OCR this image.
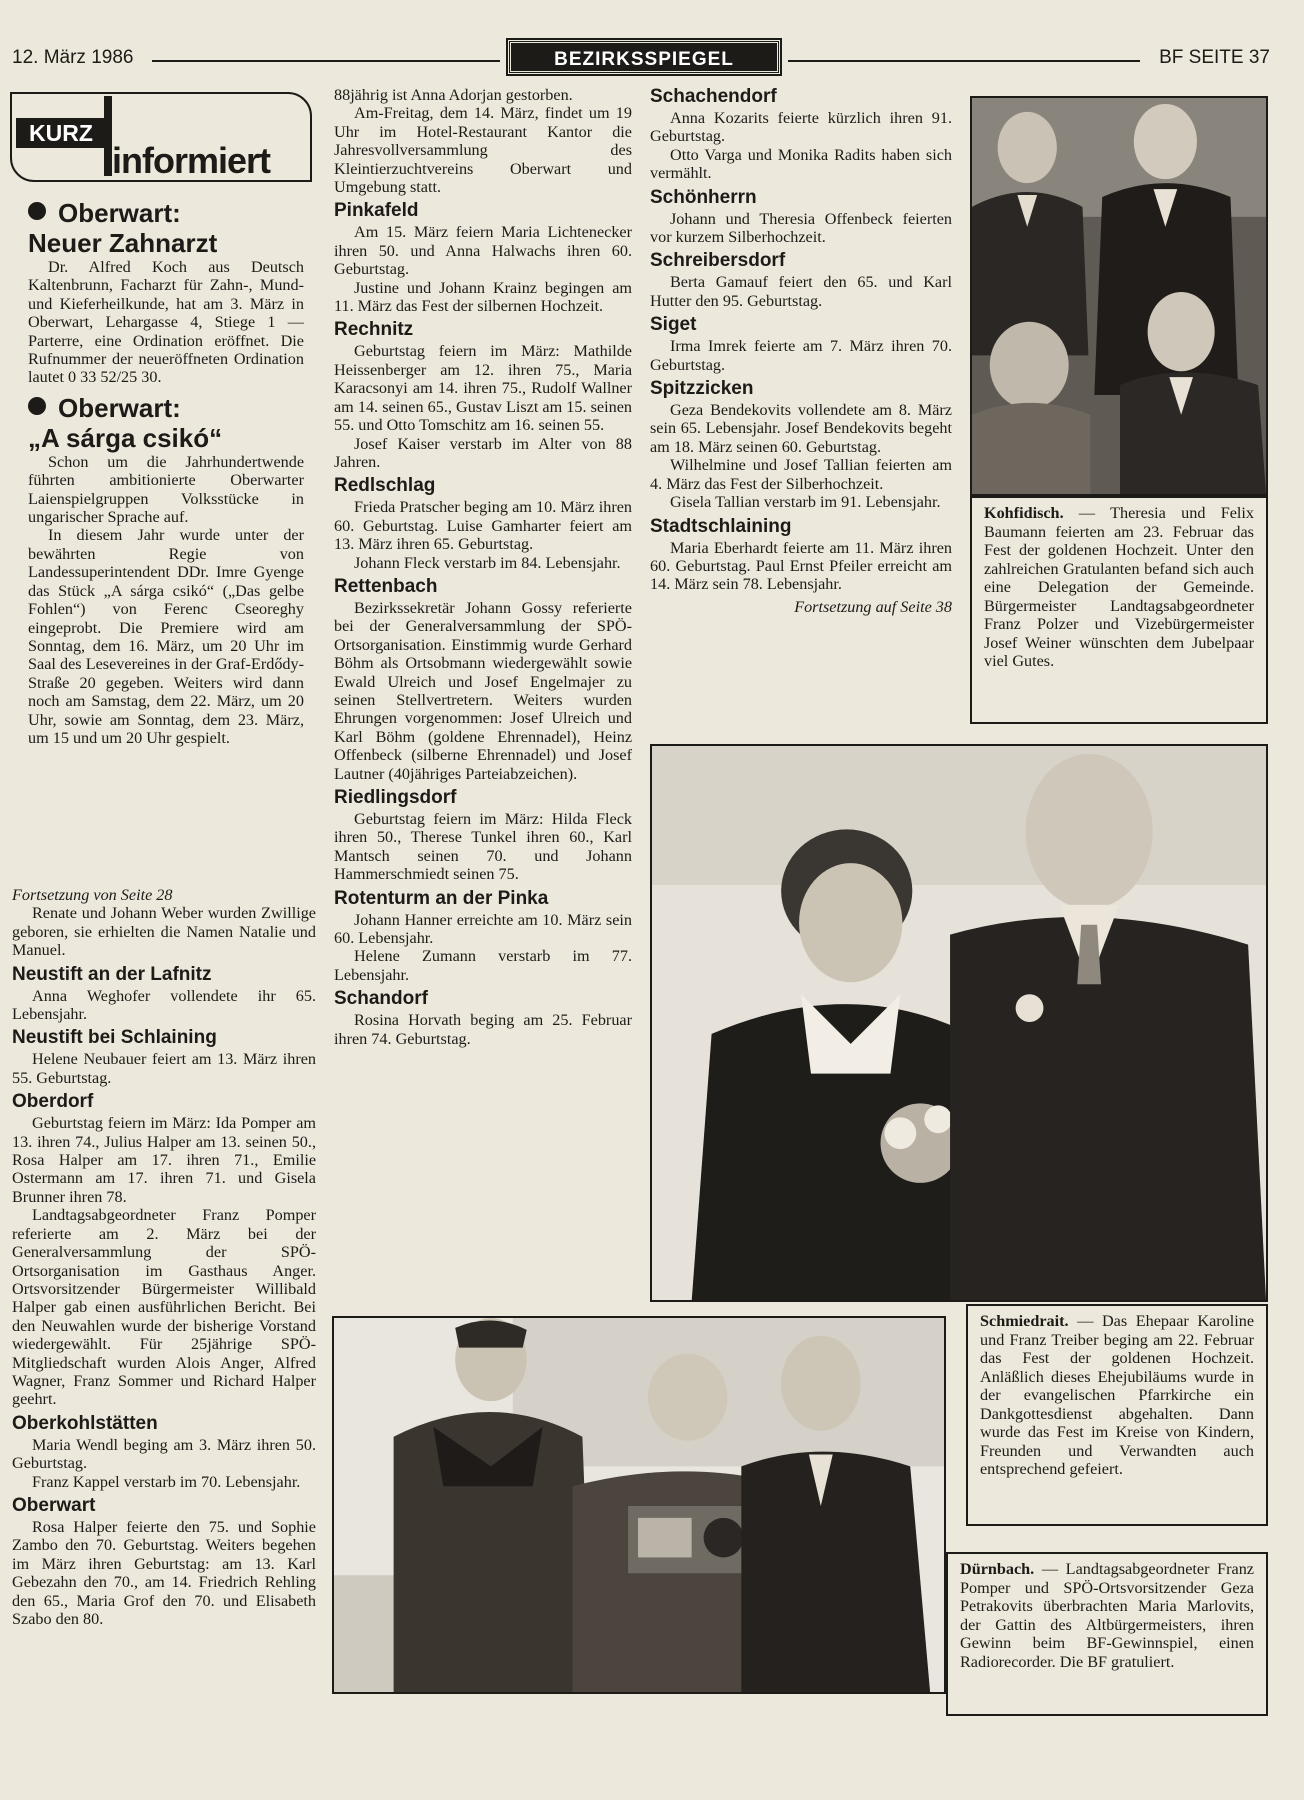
12. März 1986	BEZIRKSSPIEGEL	BF SEITE 37
KURZ
informiert
Oberwart:
Neuer Zahnarzt

Dr. Alfred Koch aus Deutsch Kaltenbrunn, Facharzt für Zahn-, Mund- und Kieferheilkunde, hat am 3. März in Oberwart, Lehargasse 4, Stiege 1 — Parterre, eine Ordination eröffnet. Die Rufnummer der neueröffneten Ordination lautet 0 33 52/25 30.

Oberwart:
„A sárga csikó“

Schon um die Jahrhundertwende führten ambitionierte Oberwarter Laienspielgruppen Volksstücke in ungarischer Sprache auf.

In diesem Jahr wurde unter der bewährten Regie von Landessuperintendent DDr. Imre Gyenge das Stück „A sárga csikó“ („Das gelbe Fohlen“) von Ferenc Cseoreghy eingeprobt. Die Premiere wird am Sonntag, dem 16. März, um 20 Uhr im Saal des Lesevereines in der Graf-Erdődy-Straße 20 gegeben. Weiters wird dann noch am Samstag, dem 22. März, um 20 Uhr, sowie am Sonntag, dem 23. März, um 15 und um 20 Uhr gespielt.

Fortsetzung von Seite 28

Renate und Johann Weber wurden Zwillige geboren, sie erhielten die Namen Natalie und Manuel.

Neustift an der Lafnitz

Anna Weghofer vollendete ihr 65. Lebensjahr.

Neustift bei Schlaining

Helene Neubauer feiert am 13. März ihren 55. Geburtstag.

Oberdorf

Geburtstag feiern im März: Ida Pomper am 13. ihren 74., Julius Halper am 13. seinen 50., Rosa Halper am 17. ihren 71., Emilie Ostermann am 17. ihren 71. und Gisela Brunner ihren 78.

Landtagsabgeordneter Franz Pomper referierte am 2. März bei der Generalversammlung der SPÖ-Ortsorganisation im Gasthaus Anger. Ortsvorsitzender Bürgermeister Willibald Halper gab einen ausführlichen Bericht. Bei den Neuwahlen wurde der bisherige Vorstand wiedergewählt. Für 25jährige SPÖ-Mitgliedschaft wurden Alois Anger, Alfred Wagner, Franz Sommer und Richard Halper geehrt.

Oberkohlstätten

Maria Wendl beging am 3. März ihren 50. Geburtstag.

Franz Kappel verstarb im 70. Lebensjahr.

Oberwart

Rosa Halper feierte den 75. und Sophie Zambo den 70. Geburtstag. Weiters begehen im März ihren Geburtstag: am 13. Karl Gebezahn den 70., am 14. Friedrich Rehling den 65., Maria Grof den 70. und Elisabeth Szabo den 80.

88jährig ist Anna Adorjan gestorben.

Am-Freitag, dem 14. März, findet um 19 Uhr im Hotel-Restaurant Kantor die Jahresvollversammlung des Kleintierzuchtvereins Oberwart und Umgebung statt.

Pinkafeld

Am 15. März feiern Maria Lichtenecker ihren 50. und Anna Halwachs ihren 60. Geburtstag.

Justine und Johann Krainz begingen am 11. März das Fest der silbernen Hochzeit.

Rechnitz

Geburtstag feiern im März: Mathilde Heissenberger am 12. ihren 75., Maria Karacsonyi am 14. ihren 75., Rudolf Wallner am 14. seinen 65., Gustav Liszt am 15. seinen 55. und Otto Tomschitz am 16. seinen 55.

Josef Kaiser verstarb im Alter von 88 Jahren.

Redlschlag

Frieda Pratscher beging am 10. März ihren 60. Geburtstag. Luise Gamharter feiert am 13. März ihren 65. Geburtstag.

Johann Fleck verstarb im 84. Lebensjahr.

Rettenbach

Bezirkssekretär Johann Gossy referierte bei der Generalversammlung der SPÖ-Ortsorganisation. Einstimmig wurde Gerhard Böhm als Ortsobmann wiedergewählt sowie Ewald Ulreich und Josef Engelmajer zu seinen Stellvertretern. Weiters wurden Ehrungen vorgenommen: Josef Ulreich und Karl Böhm (goldene Ehrennadel), Heinz Offenbeck (silberne Ehrennadel) und Josef Lautner (40jähriges Parteiabzeichen).

Riedlingsdorf

Geburtstag feiern im März: Hilda Fleck ihren 50., Therese Tunkel ihren 60., Karl Mantsch seinen 70. und Johann Hammerschmiedt seinen 75.

Rotenturm an der Pinka

Johann Hanner erreichte am 10. März sein 60. Lebensjahr.

Helene Zumann verstarb im 77. Lebensjahr.

Schandorf

Rosina Horvath beging am 25. Februar ihren 74. Geburtstag.

Schachendorf

Anna Kozarits feierte kürzlich ihren 91. Geburtstag.

Otto Varga und Monika Radits haben sich vermählt.

Schönherrn

Johann und Theresia Offenbeck feierten vor kurzem Silberhochzeit.

Schreibersdorf

Berta Gamauf feiert den 65. und Karl Hutter den 95. Geburtstag.

Siget

Irma Imrek feierte am 7. März ihren 70. Geburtstag.

Spitzzicken

Geza Bendekovits vollendete am 8. März sein 65. Lebensjahr. Josef Bendekovits begeht am 18. März seinen 60. Geburtstag.

Wilhelmine und Josef Tallian feierten am 4. März das Fest der Silberhochzeit.

Gisela Tallian verstarb im 91. Lebensjahr.

Stadtschlaining

Maria Eberhardt feierte am 11. März ihren 60. Geburtstag. Paul Ernst Pfeiler erreicht am 14. März sein 78. Lebensjahr.

Fortsetzung auf Seite 38

Kohfidisch. — Theresia und Felix Baumann feierten am 23. Februar das Fest der goldenen Hochzeit. Unter den zahlreichen Gratulanten befand sich auch eine Delegation der Gemeinde. Bürgermeister Landtagsabgeordneter Franz Polzer und Vizebürgermeister Josef Weiner wünschten dem Jubelpaar viel Gutes.
Schmiedrait. — Das Ehepaar Karoline und Franz Treiber beging am 22. Februar das Fest der goldenen Hochzeit. Anläßlich dieses Ehejubiläums wurde in der evangelischen Pfarrkirche ein Dankgottesdienst abgehalten. Dann wurde das Fest im Kreise von Kindern, Freunden und Verwandten auch entsprechend gefeiert.
Dürnbach. — Landtagsabgeordneter Franz Pomper und SPÖ-Ortsvorsitzender Geza Petrakovits überbrachten Maria Marlovits, der Gattin des Altbürgermeisters, ihren Gewinn beim BF-Gewinnspiel, einen Radiorecorder. Die BF gratuliert.
